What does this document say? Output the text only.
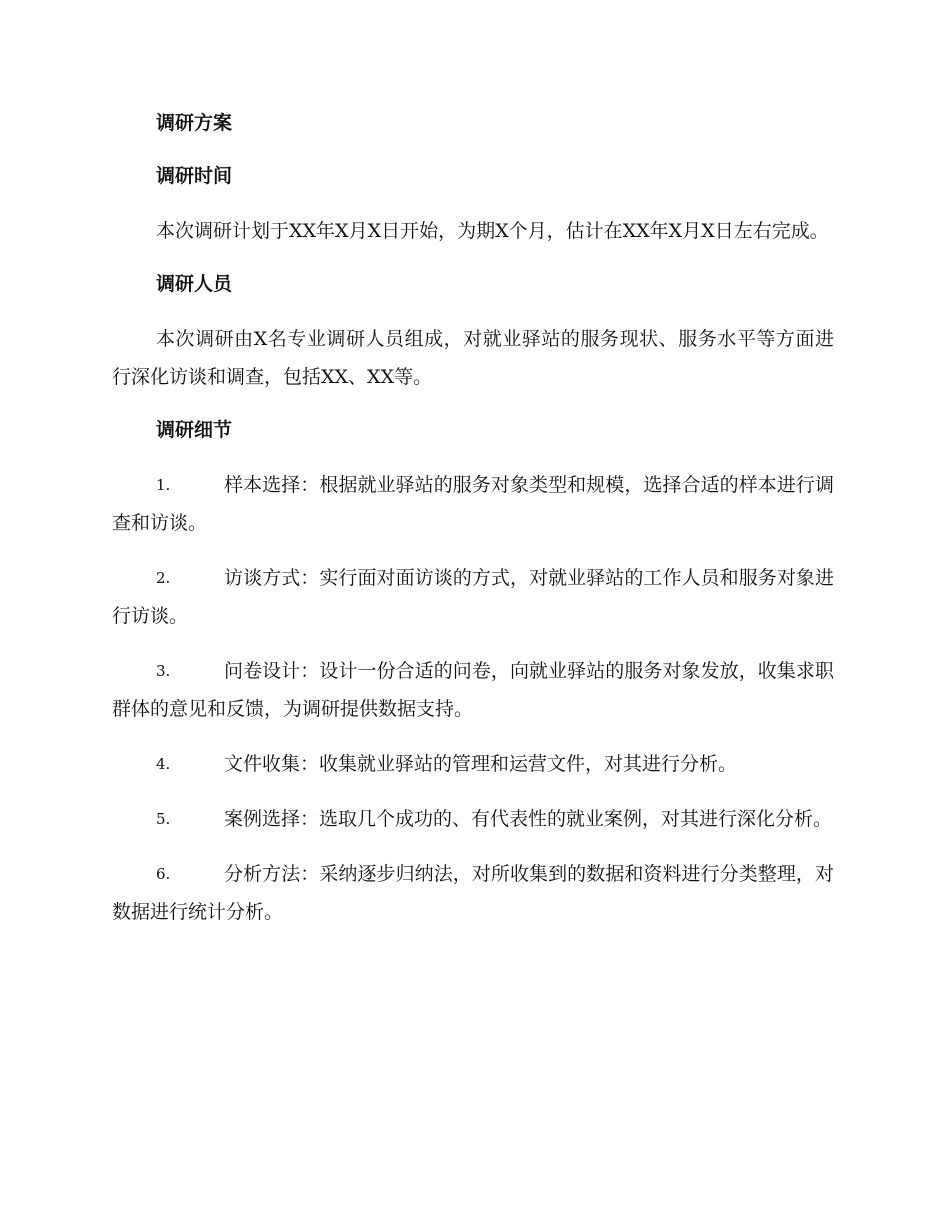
调研方案
调研时间

本次调研计划于XX年X月X日开始，为期X个月，估计在XX年X月X日左右完成。

调研人员

本次调研由X名专业调研人员组成，对就业驿站的服务现状、服务水平等方面进行深化访谈和调查，包括XX、XX等。

调研细节
1.	样本选择：根据就业驿站的服务对象类型和规模，选择合适的样本进行调查和访谈。
2.	访谈方式：实行面对面访谈的方式，对就业驿站的工作人员和服务对象进行访谈。
3.	问卷设计：设计一份合适的问卷，向就业驿站的服务对象发放，收集求职群体的意见和反馈，为调研提供数据支持。
4.	文件收集：收集就业驿站的管理和运营文件，对其进行分析。
5.	案例选择：选取几个成功的、有代表性的就业案例，对其进行深化分析。
6.	分析方法：采纳逐步归纳法，对所收集到的数据和资料进行分类整理，对数据进行统计分析。
